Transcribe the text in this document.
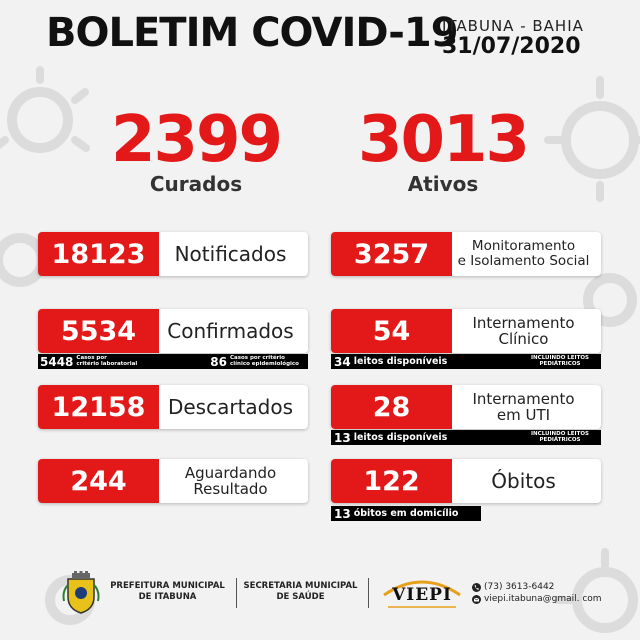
BOLETIM COVID-19
ITABUNA - BAHIA
31/07/2020
2399
Curados
3013
Ativos
18123	Notificados
5534	Confirmados
5448 Casos por
critério laboratorial	86 Casos por critério
clínico epidemiológico
12158	Descartados
244	Aguardando
Resultado
3257	Monitoramento
e Isolamento Social
54	Internamento
Clínico
34 leitos disponíveis	INCLUINDO LEITOS
PEDIÁTRICOS
28	Internamento
em UTI
13 leitos disponíveis	INCLUINDO LEITOS
PEDIÁTRICOS
122	Óbitos
13 óbitos em domicílio
PREFEITURA MUNICIPAL
DE ITABUNA
SECRETARIA MUNICIPAL
DE SAÚDE	VIEPI	(73) 3613-6442
viepi.itabuna@gmail. com
